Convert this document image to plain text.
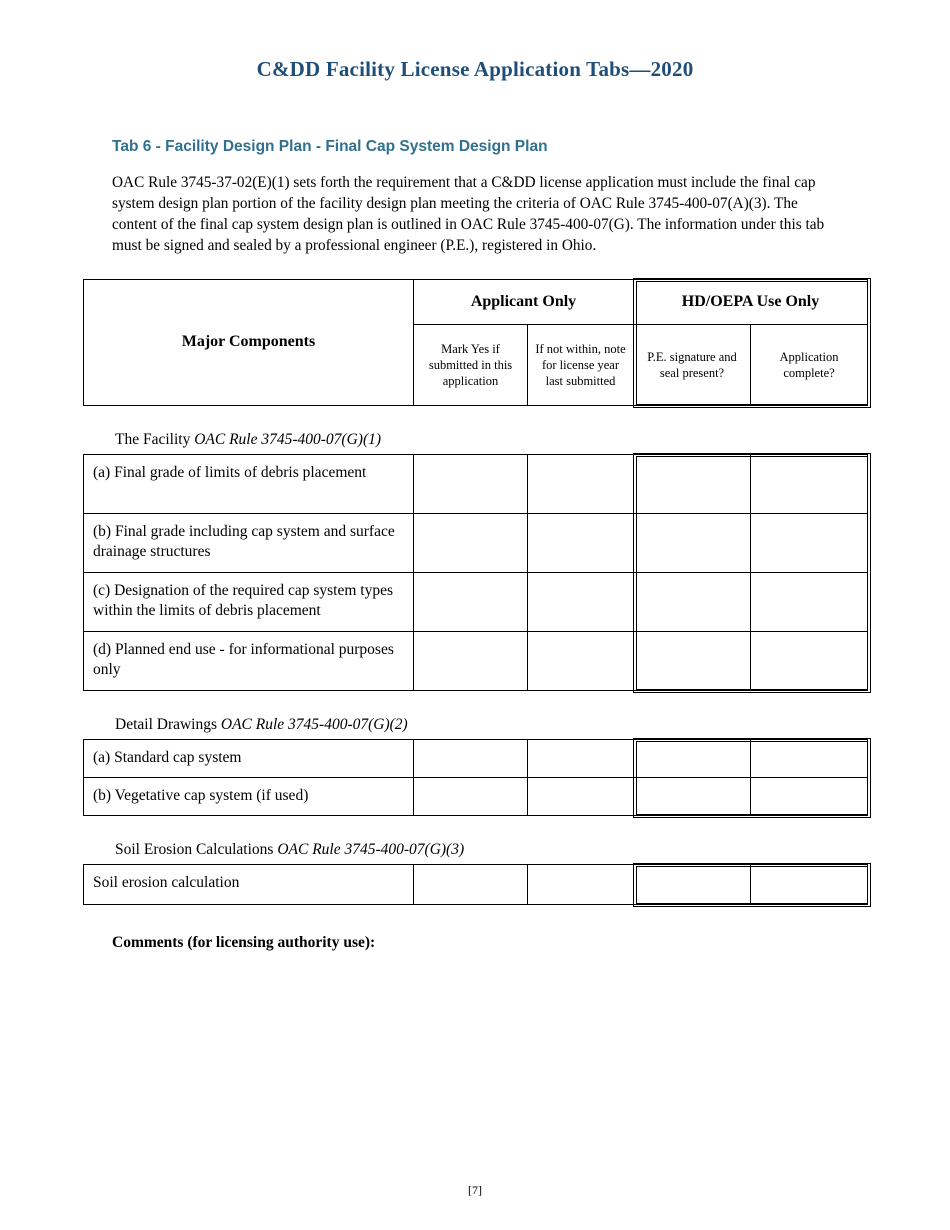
C&DD Facility License Application Tabs—2020
Tab 6 - Facility Design Plan - Final Cap System Design Plan

OAC Rule 3745-37-02(E)(1) sets forth the requirement that a C&DD license application must include the final cap system design plan portion of the facility design plan meeting the criteria of OAC Rule 3745-400-07(A)(3). The content of the final cap system design plan is outlined in OAC Rule 3745-400-07(G). The information under this tab must be signed and sealed by a professional engineer (P.E.), registered in Ohio.

Major Components
Applicant Only	HD/OEPA Use Only
Mark Yes if submitted in this application
If not within, note for license year last submitted
P.E. signature and seal present?
Application complete?
The Facility OAC Rule 3745-400-07(G)(1)
(a) Final grade of limits of debris placement
(b) Final grade including cap system and surface drainage structures
(c) Designation of the required cap system types within the limits of debris placement
(d) Planned end use - for informational purposes only
Detail Drawings OAC Rule 3745-400-07(G)(2)
(a) Standard cap system
(b) Vegetative cap system (if used)
Soil Erosion Calculations OAC Rule 3745-400-07(G)(3)
Soil erosion calculation

Comments (for licensing authority use):

[7]
